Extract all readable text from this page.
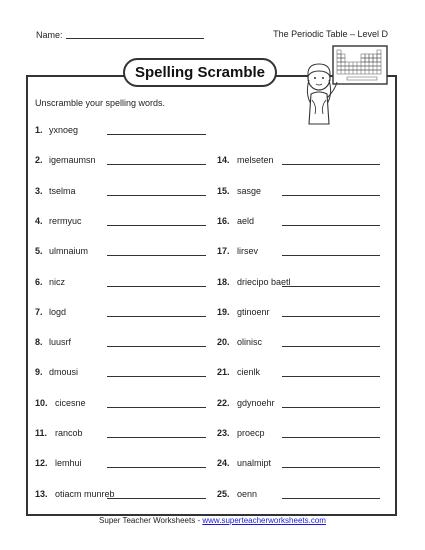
Name:	The Periodic Table – Level D
Spelling Scramble
Unscramble your spelling words.
1. yxnoeg
2. igemaumsn
3. tselma
4. rermyuc
5. ulmnaium
6. nicz
7. logd
8. luusrf
9. dmousi
10. cicesne
11. rancob
12. lemhui
13. otiacm munreb
14. melseten
15. sasge
16. aeld
17. lirsev
18. driecipo baetl
19. gtinoenr
20. olinisc
21. cienlk
22. gdynoehr
23. proecp
24. unalmipt
25. oenn
Super Teacher Worksheets - www.superteacherworksheets.com
